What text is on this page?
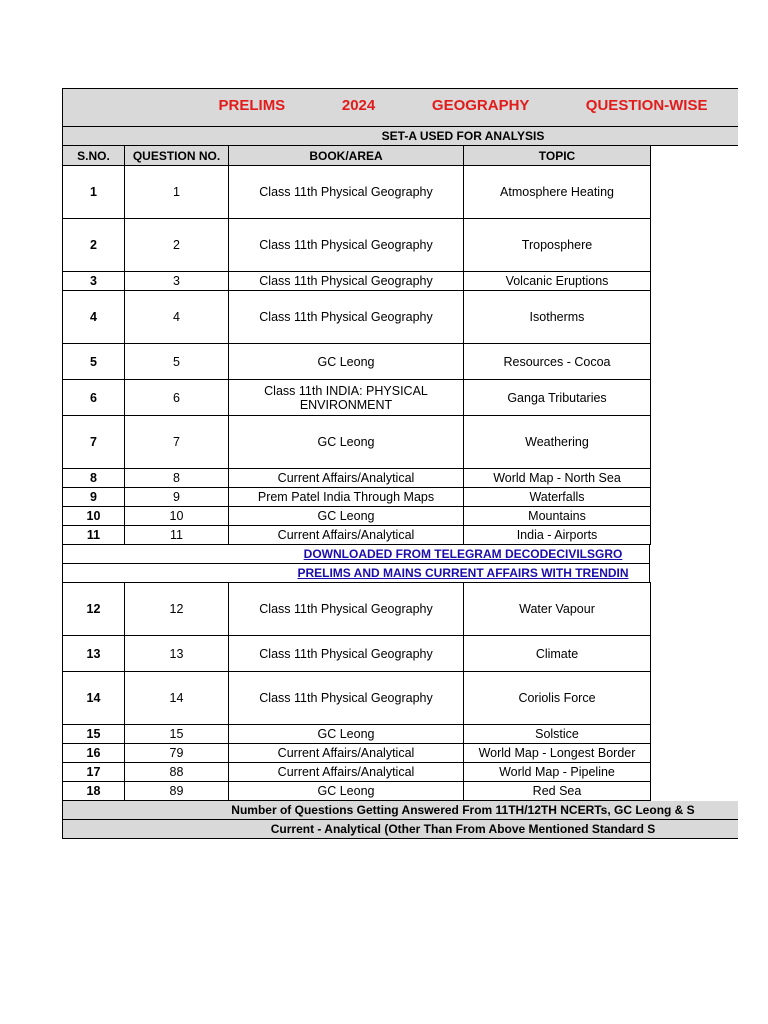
PRELIMS    2024    GEOGRAPHY    QUESTION-WISE
SET-A USED FOR ANALYSIS
S.NO.	QUESTION NO.	BOOK/AREA	TOPIC
1	1	Class 11th Physical Geography	Atmosphere Heating
2	2	Class 11th Physical Geography	Troposphere
3	3	Class 11th Physical Geography	Volcanic Eruptions
4	4	Class 11th Physical Geography	Isotherms
5	5	GC Leong	Resources - Cocoa
6	6	Class 11th INDIA: PHYSICAL ENVIRONMENT	Ganga Tributaries
7	7	GC Leong	Weathering
8	8	Current Affairs/Analytical	World Map - North Sea
9	9	Prem Patel India Through Maps	Waterfalls
10	10	GC Leong	Mountains
11	11	Current Affairs/Analytical	India - Airports
DOWNLOADED FROM TELEGRAM DECODECIVILSGRO
PRELIMS AND MAINS CURRENT AFFAIRS WITH TRENDIN
12	12	Class 11th Physical Geography	Water Vapour
13	13	Class 11th Physical Geography	Climate
14	14	Class 11th Physical Geography	Coriolis Force
15	15	GC Leong	Solstice
16	79	Current Affairs/Analytical	World Map - Longest Border
17	88	Current Affairs/Analytical	World Map - Pipeline
18	89	GC Leong	Red Sea
Number of Questions Getting Answered From 11TH/12TH NCERTs, GC Leong & S
Current - Analytical (Other Than From Above Mentioned Standard S
